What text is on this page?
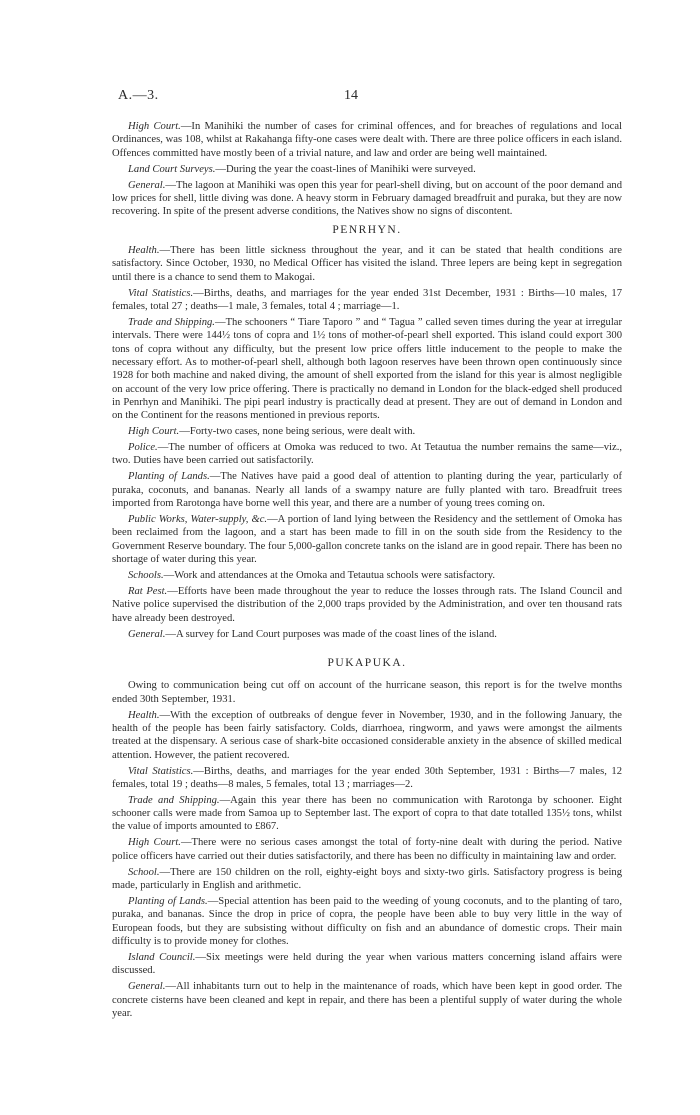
A.—3.	14

High Court.—In Manihiki the number of cases for criminal offences, and for breaches of regulations and local Ordinances, was 108, whilst at Rakahanga fifty-one cases were dealt with. There are three police officers in each island. Offences committed have mostly been of a trivial nature, and law and order are being well maintained.

Land Court Surveys.—During the year the coast-lines of Manihiki were surveyed.

General.—The lagoon at Manihiki was open this year for pearl-shell diving, but on account of the poor demand and low prices for shell, little diving was done. A heavy storm in February damaged breadfruit and puraka, but they are now recovering. In spite of the present adverse conditions, the Natives show no signs of discontent.

PENRHYN.

Health.—There has been little sickness throughout the year, and it can be stated that health conditions are satisfactory. Since October, 1930, no Medical Officer has visited the island. Three lepers are being kept in segregation until there is a chance to send them to Makogai.

Vital Statistics.—Births, deaths, and marriages for the year ended 31st December, 1931 : Births—10 males, 17 females, total 27 ; deaths—1 male, 3 females, total 4 ; marriage—1.

Trade and Shipping.—The schooners “ Tiare Taporo ” and “ Tagua ” called seven times during the year at irregular intervals. There were 144½ tons of copra and 1½ tons of mother-of-pearl shell exported. This island could export 300 tons of copra without any difficulty, but the present low price offers little inducement to the people to make the necessary effort. As to mother-of-pearl shell, although both lagoon reserves have been thrown open continuously since 1928 for both machine and naked diving, the amount of shell exported from the island for this year is almost negligible on account of the very low price offering. There is practically no demand in London for the black-edged shell produced in Penrhyn and Manihiki. The pipi pearl industry is practically dead at present. They are out of demand in London and on the Continent for the reasons mentioned in previous reports.

High Court.—Forty-two cases, none being serious, were dealt with.

Police.—The number of officers at Omoka was reduced to two. At Tetautua the number remains the same—viz., two. Duties have been carried out satisfactorily.

Planting of Lands.—The Natives have paid a good deal of attention to planting during the year, particularly of puraka, coconuts, and bananas. Nearly all lands of a swampy nature are fully planted with taro. Breadfruit trees imported from Rarotonga have borne well this year, and there are a number of young trees coming on.

Public Works, Water-supply, &c.—A portion of land lying between the Residency and the settlement of Omoka has been reclaimed from the lagoon, and a start has been made to fill in on the south side from the Residency to the Government Reserve boundary. The four 5,000-gallon concrete tanks on the island are in good repair. There has been no shortage of water during this year.

Schools.—Work and attendances at the Omoka and Tetautua schools were satisfactory.

Rat Pest.—Efforts have been made throughout the year to reduce the losses through rats. The Island Council and Native police supervised the distribution of the 2,000 traps provided by the Administration, and over ten thousand rats have already been destroyed.

General.—A survey for Land Court purposes was made of the coast lines of the island.

PUKAPUKA.

Owing to communication being cut off on account of the hurricane season, this report is for the twelve months ended 30th September, 1931.

Health.—With the exception of outbreaks of dengue fever in November, 1930, and in the following January, the health of the people has been fairly satisfactory. Colds, diarrhoea, ringworm, and yaws were amongst the ailments treated at the dispensary. A serious case of shark-bite occasioned considerable anxiety in the absence of skilled medical attention. However, the patient recovered.

Vital Statistics.—Births, deaths, and marriages for the year ended 30th September, 1931 : Births—7 males, 12 females, total 19 ; deaths—8 males, 5 females, total 13 ; marriages—2.

Trade and Shipping.—Again this year there has been no communication with Rarotonga by schooner. Eight schooner calls were made from Samoa up to September last. The export of copra to that date totalled 135½ tons, whilst the value of imports amounted to £867.

High Court.—There were no serious cases amongst the total of forty-nine dealt with during the period. Native police officers have carried out their duties satisfactorily, and there has been no difficulty in maintaining law and order.

School.—There are 150 children on the roll, eighty-eight boys and sixty-two girls. Satisfactory progress is being made, particularly in English and arithmetic.

Planting of Lands.—Special attention has been paid to the weeding of young coconuts, and to the planting of taro, puraka, and bananas. Since the drop in price of copra, the people have been able to buy very little in the way of European foods, but they are subsisting without difficulty on fish and an abundance of domestic crops. Their main difficulty is to provide money for clothes.

Island Council.—Six meetings were held during the year when various matters concerning island affairs were discussed.

General.—All inhabitants turn out to help in the maintenance of roads, which have been kept in good order. The concrete cisterns have been cleaned and kept in repair, and there has been a plentiful supply of water during the whole year.
